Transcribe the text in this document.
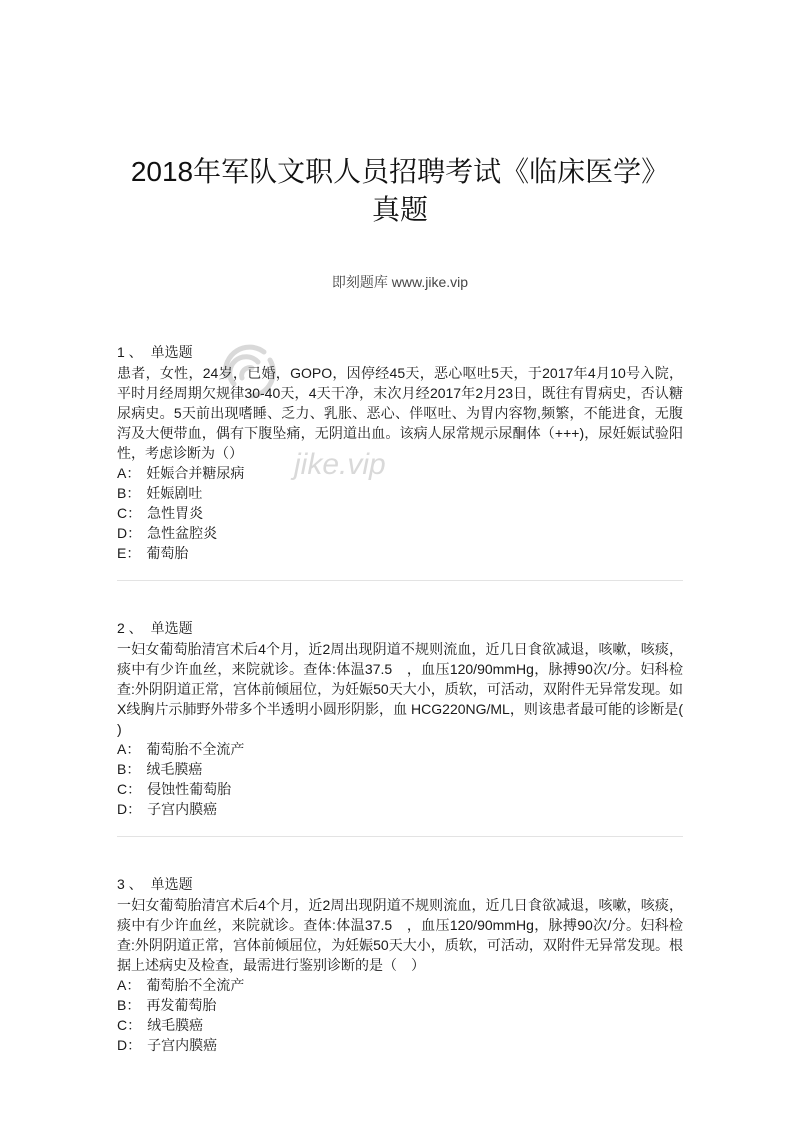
2018年军队文职人员招聘考试《临床医学》
真题
即刻题库 www.jike.vip
1 、 单选题
患者，女性，24岁，已婚，GOPO，因停经45天，恶心呕吐5天，于2017年4月10号入院，平时月经周期欠规律30-40天，4天干净，末次月经2017年2月23日，既往有胃病史，否认糖尿病史。5天前出现嗜睡、乏力、乳胀、恶心、伴呕吐、为胃内容物,频繁，不能进食，无腹泻及大便带血，偶有下腹坠痛，无阴道出血。该病人尿常规示尿酮体（+++)，尿妊娠试验阳性，考虑诊断为（）
A： 妊娠合并糖尿病
B： 妊娠剧吐
C： 急性胃炎
D： 急性盆腔炎
E： 葡萄胎
2 、 单选题
一妇女葡萄胎清宫术后4个月，近2周出现阴道不规则流血，近几日食欲减退，咳嗽，咳痰，痰中有少许血丝，来院就诊。查体:体温37.5　，血压120/90mmHg，脉搏90次/分。妇科检查:外阴阴道正常，宫体前倾屈位，为妊娠50天大小，质软，可活动，双附件无异常发现。如X线胸片示肺野外带多个半透明小圆形阴影，血 HCG220NG/ML，则该患者最可能的诊断是( )
A： 葡萄胎不全流产
B： 绒毛膜癌
C： 侵蚀性葡萄胎
D： 子宫内膜癌
3 、 单选题
一妇女葡萄胎清宫术后4个月，近2周出现阴道不规则流血，近几日食欲减退，咳嗽，咳痰，痰中有少许血丝，来院就诊。查体:体温37.5　，血压120/90mmHg，脉搏90次/分。妇科检查:外阴阴道正常，宫体前倾屈位，为妊娠50天大小，质软，可活动，双附件无异常发现。根据上述病史及检查，最需进行鉴别诊断的是（　）
A： 葡萄胎不全流产
B： 再发葡萄胎
C： 绒毛膜癌
D： 子宫内膜癌
jike.vip
